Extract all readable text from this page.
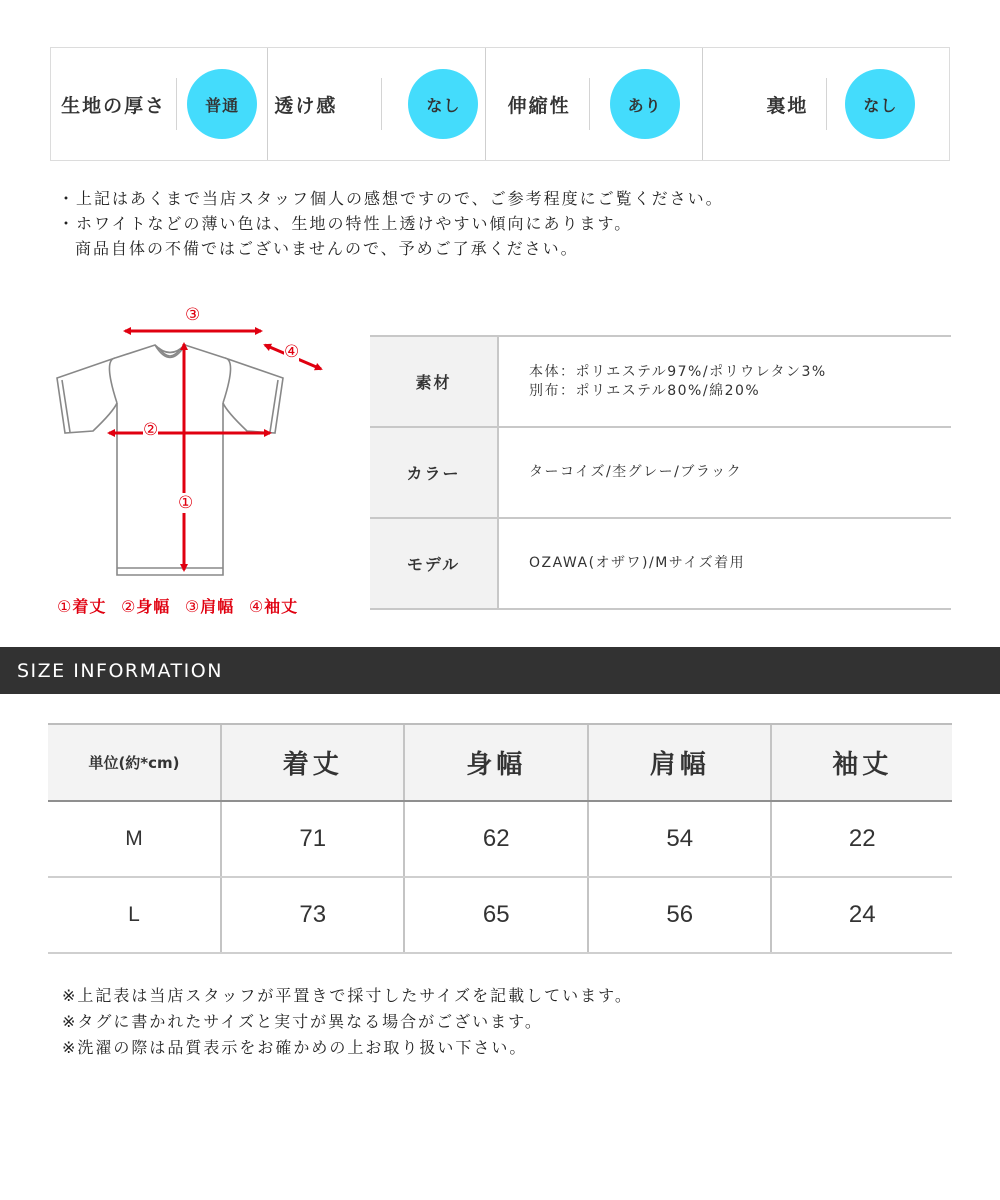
生地の厚さ	普通	透け感	なし	伸縮性	あり	裏地	なし
・上記はあくまで当店スタッフ個人の感想ですので、ご参考程度にご覧ください。
・ホワイトなどの薄い色は、生地の特性上透けやすい傾向にあります。
商品自体の不備ではございませんので、予めご了承ください。
③
④
②
①
①着丈 ②身幅 ③肩幅 ④袖丈
素材	本体：ポリエステル97%/ポリウレタン3%
別布：ポリエステル80%/綿20%

カラー	ターコイズ/杢グレー/ブラック

モデル	OZAWA(オザワ)/Mサイズ着用
SIZE INFORMATION
単位(約*cm)	着丈	身幅	肩幅	袖丈
M	71	62	54	22
L	73	65	56	24
※上記表は当店スタッフが平置きで採寸したサイズを記載しています。
※タグに書かれたサイズと実寸が異なる場合がございます。
※洗濯の際は品質表示をお確かめの上お取り扱い下さい。
